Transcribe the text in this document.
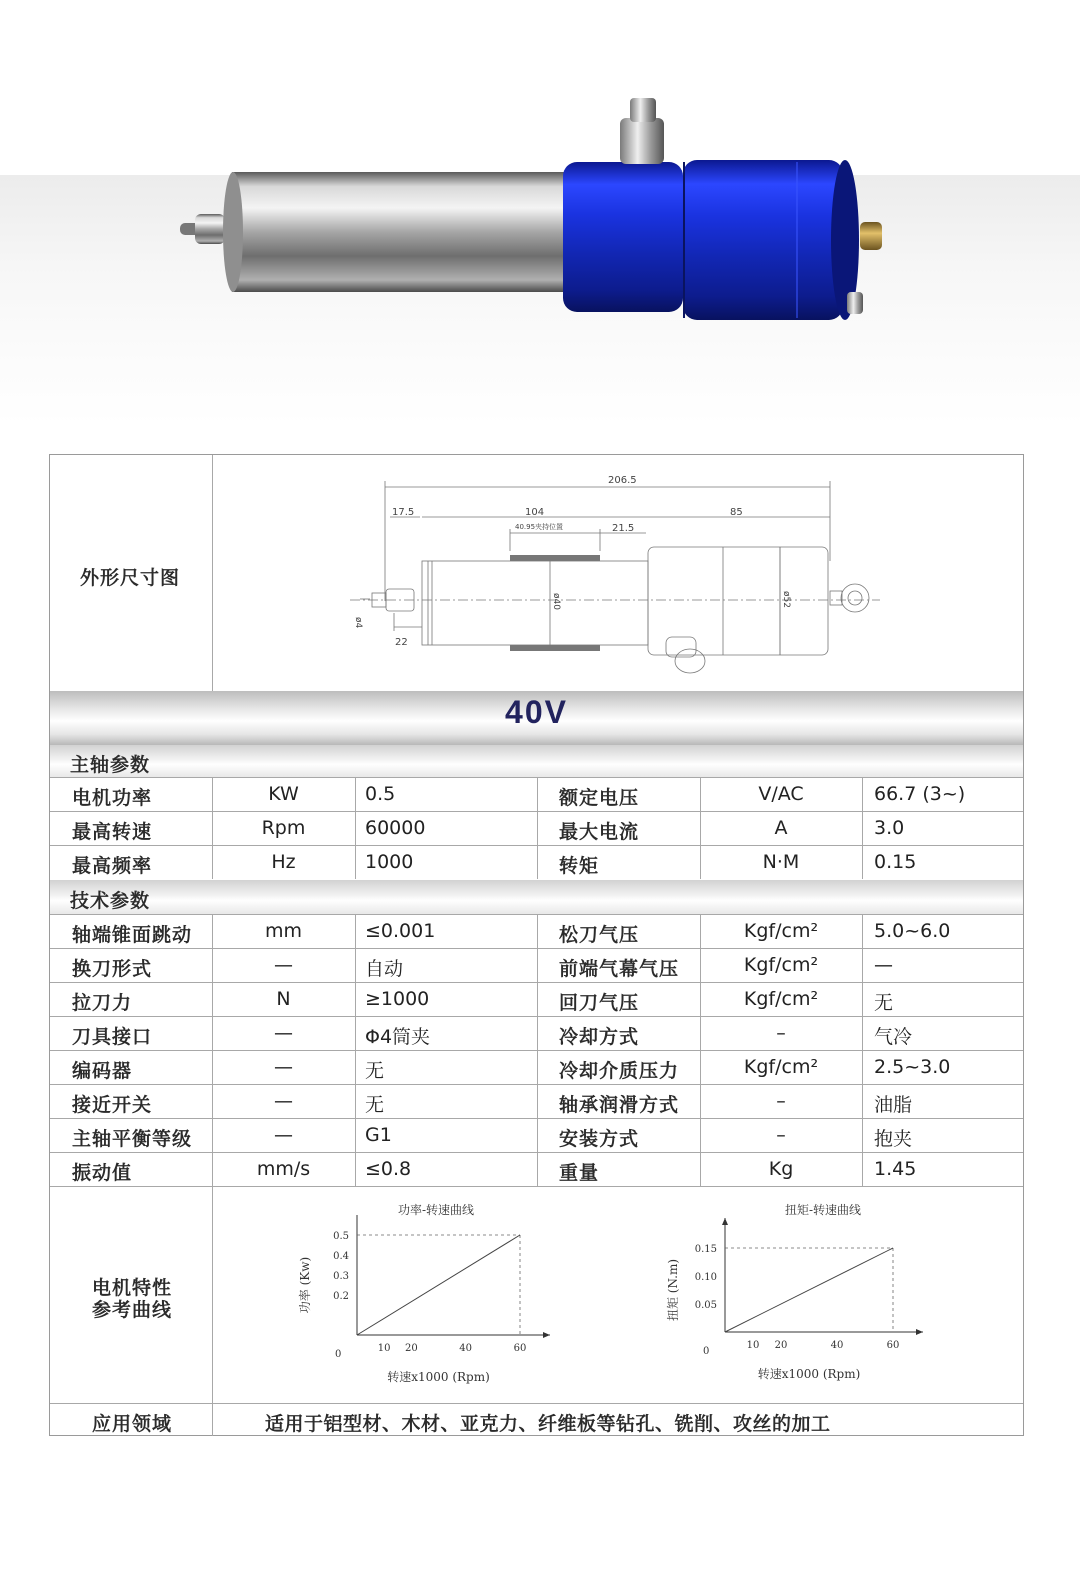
外形尺寸图
206.5
17.5	104
40.95夹持位置	21.5
85
ø40	ø52
ø4
22
40V
主轴参数
技术参数
电机特性
参考曲线
功率-转速曲线
0.2
0.3
0.4
0.5
10 20	40	60
0
转速x1000 (Rpm)
功率 (Kw)
扭矩-转速曲线
0.05
0.10
0.15
10 20	40	60
0
转速x1000 (Rpm)
扭矩 (N.m)
应用领域	适用于铝型材、木材、亚克力、纤维板等钻孔、铣削、攻丝的加工
电机功率	KW	0.5	额定电压	V/AC	66.7 (3~)
最高转速	Rpm	60000	最大电流	A	3.0
最高频率	Hz	1000	转矩	N·M	0.15
轴端锥面跳动	mm	≤0.001	松刀气压	Kgf/cm²	5.0~6.0
换刀形式	—	自动	前端气幕气压	Kgf/cm²	—
拉刀力	N	≥1000	回刀气压	Kgf/cm²	无
刀具接口	—	Φ4筒夹	冷却方式	–	气冷
编码器	—	无	冷却介质压力	Kgf/cm²	2.5~3.0
接近开关	—	无	轴承润滑方式	–	油脂
主轴平衡等级	—	G1	安装方式	–	抱夹
振动值	mm/s	≤0.8	重量	Kg	1.45
